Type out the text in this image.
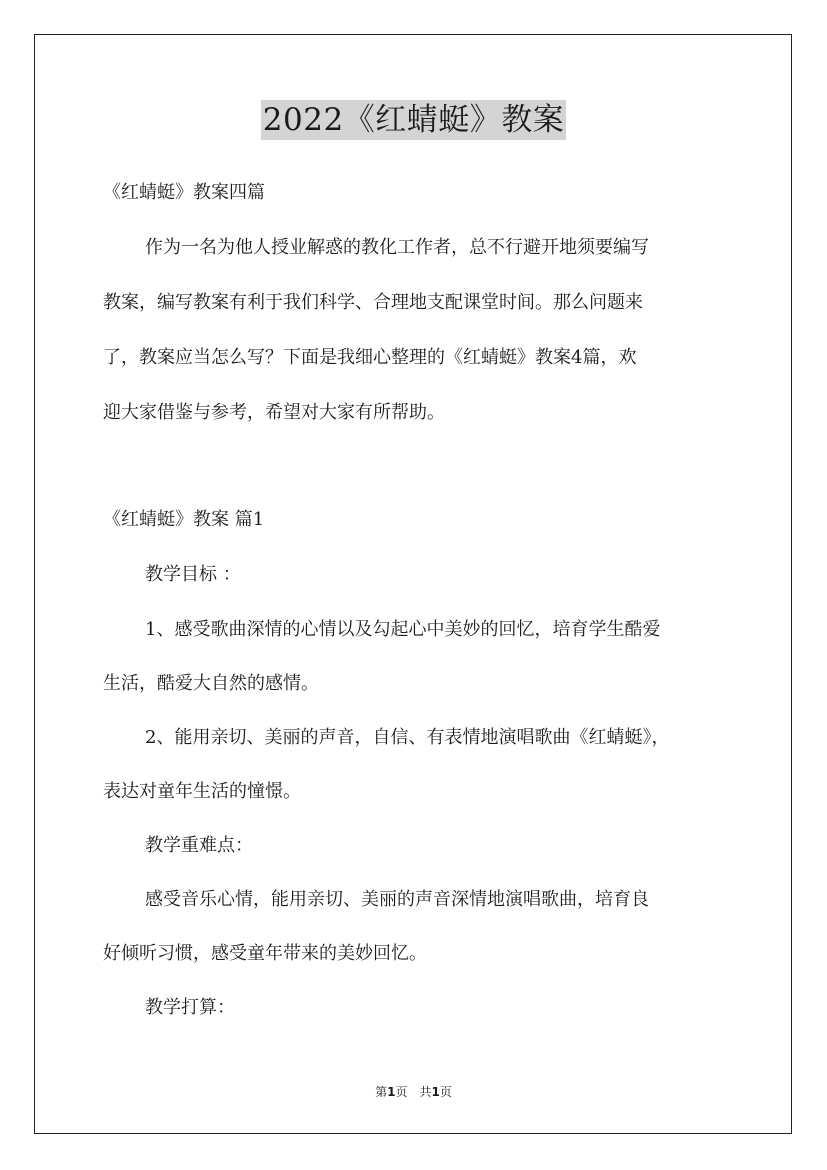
2022《红蜻蜓》教案
《红蜻蜓》教案四篇
作为一名为他人授业解惑的教化工作者，总不行避开地须要编写
教案，编写教案有利于我们科学、合理地支配课堂时间。那么问题来
了，教案应当怎么写？下面是我细心整理的《红蜻蜓》教案4篇，欢
迎大家借鉴与参考，希望对大家有所帮助。
《红蜻蜓》教案 篇1
教学目标 ：
1、感受歌曲深情的心情以及勾起心中美妙的回忆，培育学生酷爱
生活，酷爱大自然的感情。
2、能用亲切、美丽的声音，自信、有表情地演唱歌曲《红蜻蜓》，
表达对童年生活的憧憬。
教学重难点：
感受音乐心情，能用亲切、美丽的声音深情地演唱歌曲，培育良
好倾听习惯，感受童年带来的美妙回忆。
教学打算：
第1页　共1页
